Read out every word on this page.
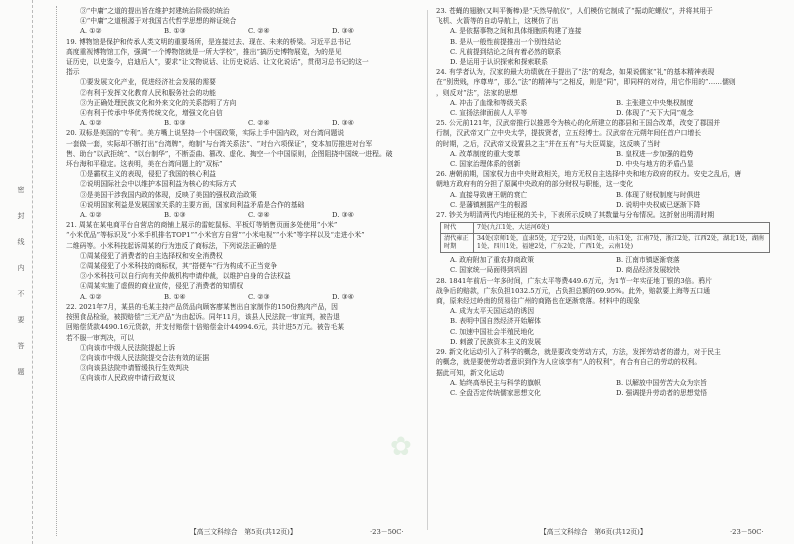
密
封
线
内
不
要
答
题

③“中庸”之道的提出旨在维护封建统治阶级的统治

④“中庸”之道根源于对我国古代哲学思想的辩证统合

A. ①②	B. ①③	C. ②④	D. ③④

19. 博物馆是保护和传承人类文明的重要场所，是连接过去、现在、未来的桥梁。习近平总书记

高度重视博物馆工作，强调“一个博物馆就是一所大学校”，推出“搞历史博物展览，为的是见

证历史，以史鉴今，启迪后人”，要求“让文物说话、让历史说话、让文化说话”，贯彻习总书记的这一

指示

①要发展文化产业，促进经济社会发展的需要

②有利于发挥文化教育人民和服务社会的功能

③为正确处理民族文化和外来文化的关系指明了方向

④有利于传承中华优秀传统文化，增强文化自信

A. ①②	B. ①③	C. ②④	D. ③④

20. 双标是美国的“专利”。美方嘴上说坚持一个中国政策，实际上手中国内政，对台湾问题说

一套做一套，实际却不断打出“台湾牌”，炮制“与台湾关系法”、“对台六项保证”，变本加厉推进对台军

售、助台“以武拒统”、“以台制华”，不断歪曲、篡改、虚化、掏空一个中国原则，企图阻挠中国统一进程。破

坏台海和平稳定。这表明，美在台湾问题上的“双标”

①是霸权主义的表现，侵犯了我国的核心利益

②说明国际社会中以维护本国利益为核心的实际方式

③是美国干涉我国内政的体现，反映了美国的强权政治政策

④说明国家利益是发展国家关系的主要方面，国家间利益矛盾是合作的基础

A. ①②	B. ①③	C. ②④	D. ③④

21. 周某在某电商平台自营店的商铺上展示的雷蛇鼠标、平板灯等销售页面多处使用“小米”

“小米优品”等标识及“小米手机排名TOP1”“小米官方自营”“小米电视”“小米”等字样以及“走进小米”

二维码等。小米科技起诉周某的行为违反了商标法，下列说法正确的是

①周某侵犯了消费者的自主选择权和安全消费权

②周某侵犯了小米科技的商标权，其“搭便车”行为构成不正当竞争

③小米科技可以自行向有关仲裁机构申请仲裁，以维护自身的合法权益

④周某实施了虚假的商业宣传，侵犯了消费者的知情权

A. ①②	B. ①④	C. ②③	D. ③④

22. 2021年7月，某县的毛某主持产品货品向顾客廖某售出自家制作的150份熟肉产品，因

按照食品检验，被损赔偿“三无产品”为由起诉。同年11月，该县人民法院一审宣判，被告退

回赔偿货款4490.16元货款，并支付赔偿十倍赔偿金计44994.6元，共计进5万元。被告毛某

若不服一审判决，可以

①向该市中级人民法院提起上诉

②向该市中级人民法院提交合法有效的证据

③向该县法院申请暂缓执行生效判决

④向该市人民政府申请行政复议

23. 苍蝇的翅膀(又叫平衡棒)是“天然导航仪”，人们模仿它制成了“振动陀螺仪”，并将其用于

飞机、火箭等的自动导航上，这模仿了出

A. 是依据事物之间和具体细胞质构建了连接

B. 是从一般性前提推出一个别性结论

C. 凡前提到结论之间有着必然的联系

D. 是运用于认识探索和探索联系

24. 有学者认为，汉家的最大功绩就在于提出了“法”的观念，如果说儒家“礼”的基本精神表现

在“别贵贱，序尊卑”，那么“法”的精神与“之相反，则是“同”，即同样的对待，用它作用的”……儒则

，则反对“法”，法家的思想

A. 冲击了血缘和等级关系	B. 主张建立中央集权制度
C. 宣扬法律面前人人平等	D. 体现了“天下大同”观念

25. 公元前121年，汉武帝推行以推恩令为核心的化所建立的郡县和王国合改革，改变了郡国并

行制，汉武帝又广立中央太学，提拔贤者，立五经博士。汉武帝在元朔年间任首户口增长

的时期，之后，汉武帝又设置县之主“并在五有”与大臣周旋，这反映了当时

A. 改革制度的重大变革	B. 皇权进一步加强的趋势
C. 国家治理体系的创新	D. 中央与地方的矛盾凸显

26. 唐朝前期，国家权力由中央财政相关，地方无权自主选择中央和地方政府的权力。安史之乱后，唐

朝地方政府有的分担了原属中央政府的部分财权与职能，这一变化

A. 直接导致唐王朝的衰亡	B. 体现了财权制度与时俱进
C. 是藩镇割据产生的根源	D. 说明中央权威已逐渐下降

27. 钞关为明清两代内地征税的关卡，下表所示反映了其数量与分布情况。这折射出明清时期

时代	7处(九江1处，大运河6处)
清代雍正时期	34处(京师1处，直隶5处，辽宁2处，山西1处，山东1处，江南7处，浙江2处，江西2处，湖北1处，湖南1处，四川1处，福建2处，广东2处，广西1处，云南1处)
A. 政府附加了重农抑商政策	B. 江南市镇逐渐衰落
C. 国家统一局面得到巩固	D. 商品经济发展较快

28. 1841年前后一年多时间，广东太平等费449.6万元，为1节一年实征地丁银的3倍。鸦片

战争后的赔款，广东负担1032.5万元，占负担总额的69.95%。此外，赔款要上海等五口通

商，原来经过岭南的贸易往广州的商路也在逐渐衰落。材料中的现象

A. 成为太平天国运动的诱因

B. 表明中国自然经济开始解体

C. 加速中国社会半殖民地化

D. 刺激了民族资本主义的发展

29. 新文化运动引入了科学的概念，就是要改变劳动方式，方法，发挥劳动者的潜力，对于民主

的概念，就是要使劳动者意识到作为人应该享有“人的权利”，有合有自己的劳动的权利。

据此可知，新文化运动

A. 始终高举民主与科学的旗帜	B. 以解放中国劳苦大众为宗旨
C. 全盘否定传统儒家思想文化	D. 强调提升劳动者的思想觉悟
✿
【高三文科综合　第5页(共12页)】	·23－50C·	【高三文科综合　第6页(共12页)】	·23－50C·
